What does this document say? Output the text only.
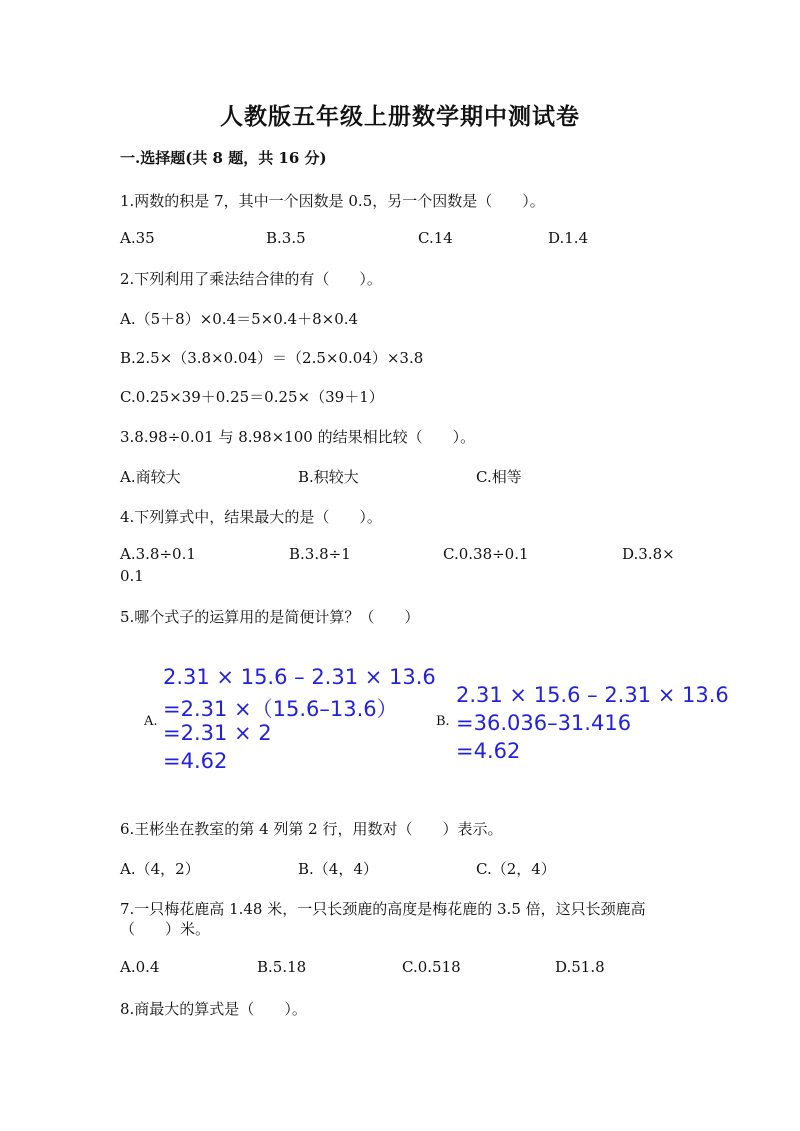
人教版五年级上册数学期中测试卷
一.选择题(共 8 题，共 16 分)
1.两数的积是 7，其中一个因数是 0.5，另一个因数是（　　）。
A.35	B.3.5	C.14	D.1.4
2.下列利用了乘法结合律的有（　　）。
A.（5＋8）×0.4＝5×0.4＋8×0.4
B.2.5×（3.8×0.04）＝（2.5×0.04）×3.8
C.0.25×39＋0.25＝0.25×（39＋1）
3.8.98÷0.01 与 8.98×100 的结果相比较（　　）。
A.商较大	B.积较大	C.相等
4.下列算式中，结果最大的是（　　）。
A.3.8÷0.1	B.3.8÷1	C.0.38÷0.1	D.3.8×
0.1
5.哪个式子的运算用的是简便计算？（　　）
A.
2.31 × 15.6 – 2.31 × 13.6
=2.31 ×（15.6–13.6）
=2.31 × 2
=4.62
B.
2.31 × 15.6 – 2.31 × 13.6
=36.036–31.416
=4.62
6.王彬坐在教室的第 4 列第 2 行，用数对（　　）表示。
A.（4，2）	B.（4，4）	C.（2，4）
7.一只梅花鹿高 1.48 米，一只长颈鹿的高度是梅花鹿的 3.5 倍，这只长颈鹿高
（　　）米。
A.0.4	B.5.18	C.0.518	D.51.8
8.商最大的算式是（　　）。
